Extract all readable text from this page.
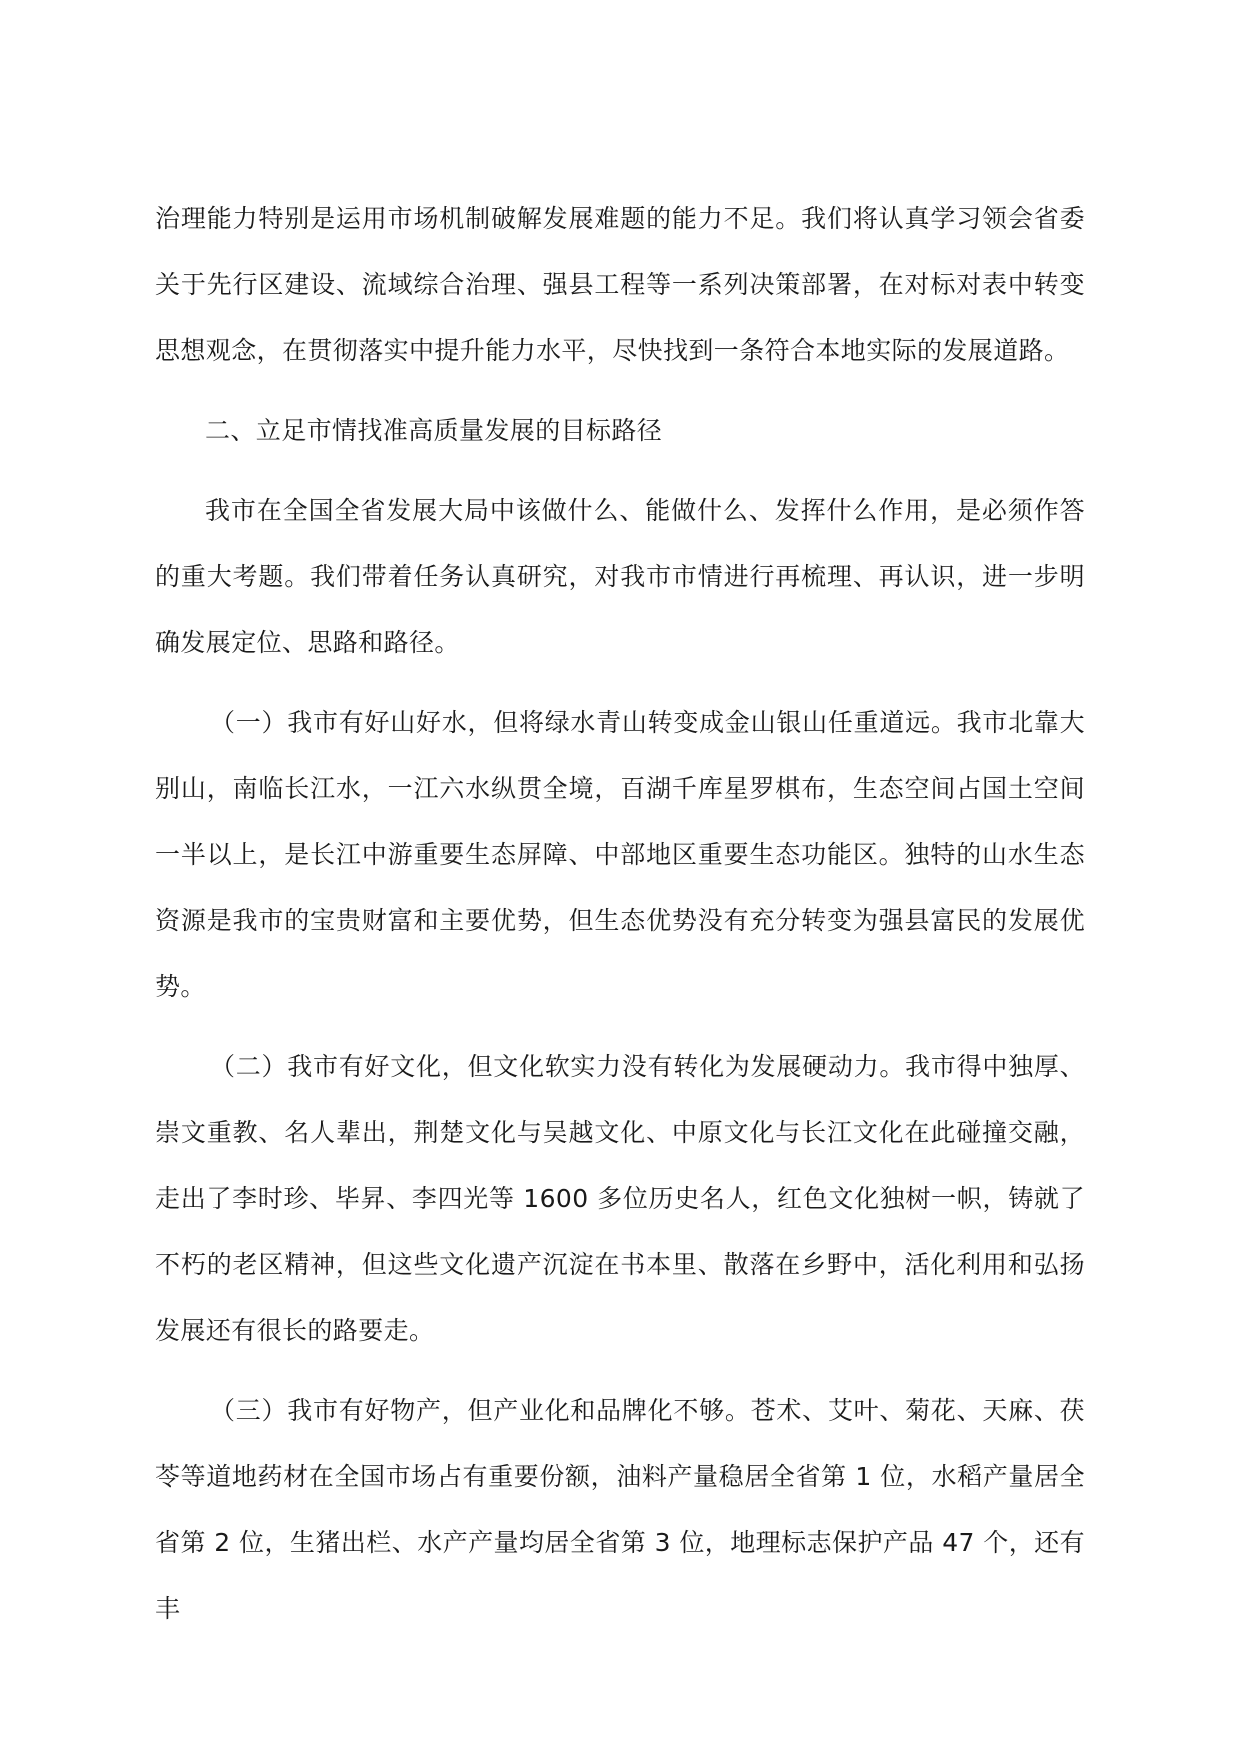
治理能力特别是运用市场机制破解发展难题的能力不足。我们将认真学习领会省委关于先行区建设、流域综合治理、强县工程等一系列决策部署，在对标对表中转变思想观念，在贯彻落实中提升能力水平，尽快找到一条符合本地实际的发展道路。

二、立足市情找准高质量发展的目标路径

我市在全国全省发展大局中该做什么、能做什么、发挥什么作用，是必须作答的重大考题。我们带着任务认真研究，对我市市情进行再梳理、再认识，进一步明确发展定位、思路和路径。

（一）我市有好山好水，但将绿水青山转变成金山银山任重道远。我市北靠大别山，南临长江水，一江六水纵贯全境，百湖千库星罗棋布，生态空间占国土空间一半以上，是长江中游重要生态屏障、中部地区重要生态功能区。独特的山水生态资源是我市的宝贵财富和主要优势，但生态优势没有充分转变为强县富民的发展优势。

（二）我市有好文化，但文化软实力没有转化为发展硬动力。我市得中独厚、崇文重教、名人辈出，荆楚文化与吴越文化、中原文化与长江文化在此碰撞交融，走出了李时珍、毕昇、李四光等 1600 多位历史名人，红色文化独树一帜，铸就了不朽的老区精神，但这些文化遗产沉淀在书本里、散落在乡野中，活化利用和弘扬发展还有很长的路要走。

（三）我市有好物产，但产业化和品牌化不够。苍术、艾叶、菊花、天麻、茯苓等道地药材在全国市场占有重要份额，油料产量稳居全省第 1 位，水稻产量居全省第 2 位，生猪出栏、水产产量均居全省第 3 位，地理标志保护产品 47 个，还有丰
